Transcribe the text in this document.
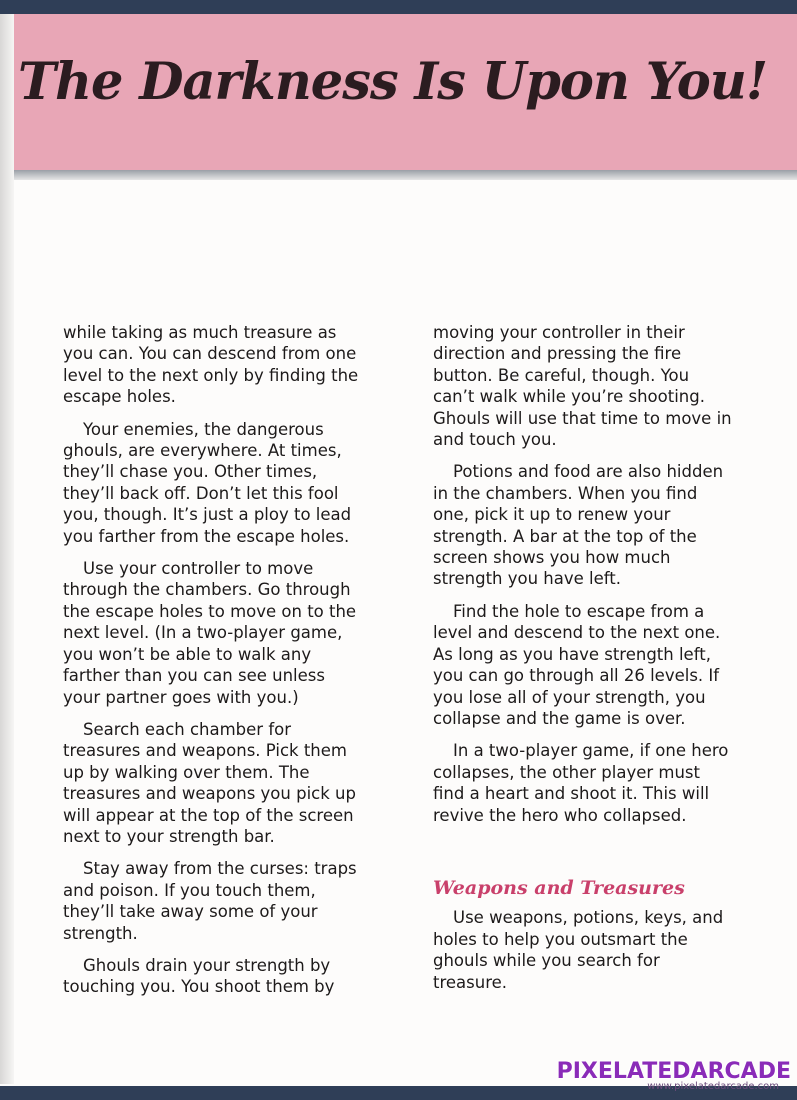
The Darkness Is Upon You!

while taking as much treasure as you can. You can descend from one level to the next only by finding the escape holes.

Your enemies, the dangerous ghouls, are everywhere. At times, they’ll chase you. Other times, they’ll back off. Don’t let this fool you, though. It’s just a ploy to lead you farther from the escape holes.

Use your controller to move through the chambers. Go through the escape holes to move on to the next level. (In a two-player game, you won’t be able to walk any farther than you can see unless your partner goes with you.)

Search each chamber for treasures and weapons. Pick them up by walking over them. The treasures and weapons you pick up will appear at the top of the screen next to your strength bar.

Stay away from the curses: traps and poison. If you touch them, they’ll take away some of your strength.

Ghouls drain your strength by touching you. You shoot them by

moving your controller in their direction and pressing the fire button. Be careful, though. You can’t walk while you’re shooting. Ghouls will use that time to move in and touch you.

Potions and food are also hidden in the chambers. When you find one, pick it up to renew your strength. A bar at the top of the screen shows you how much strength you have left.

Find the hole to escape from a level and descend to the next one. As long as you have strength left, you can go through all 26 levels. If you lose all of your strength, you collapse and the game is over.

In a two-player game, if one hero collapses, the other player must find a heart and shoot it. This will revive the hero who collapsed.

Weapons and Treasures

Use weapons, potions, keys, and holes to help you outsmart the ghouls while you search for treasure.

PIXELATEDARCADE
www.pixelatedarcade.com
